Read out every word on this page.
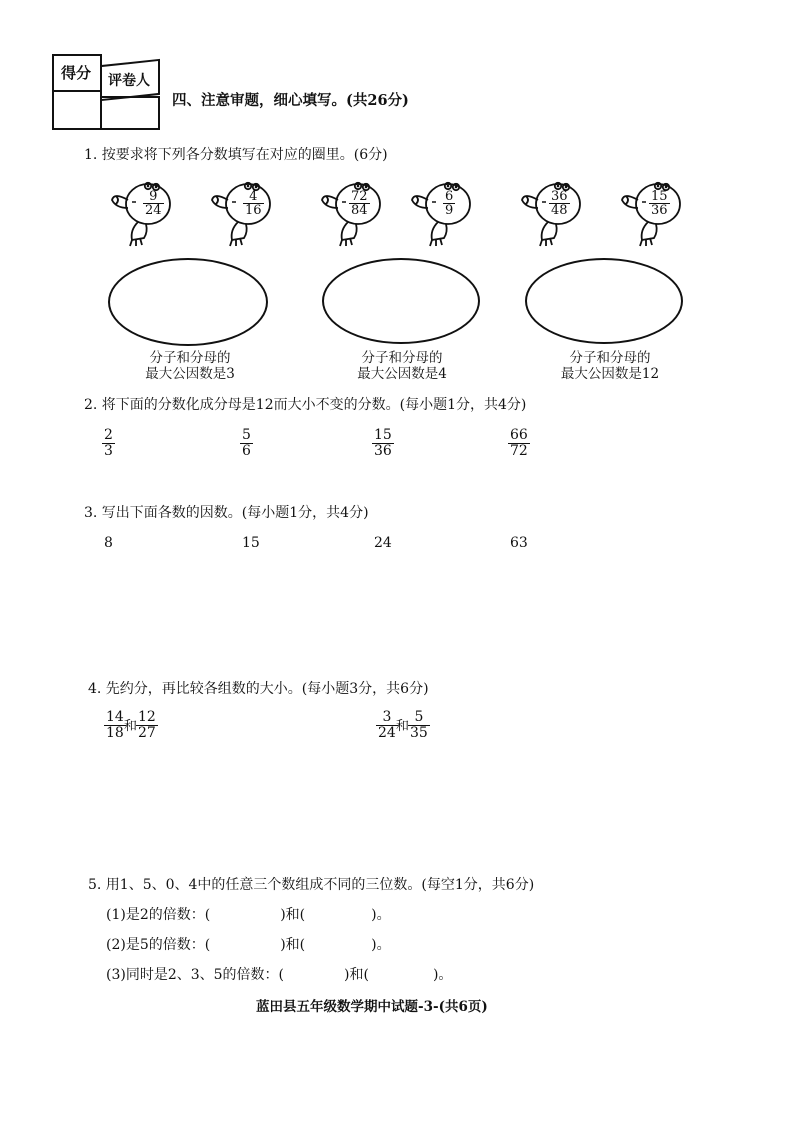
得分 评卷人
四、注意审题，细心填写。(共26分)
1. 按要求将下列各分数填写在对应的圈里。(6分)
$\frac{9}{24}$	$\frac{4}{16}$	$\frac{72}{84}$	$\frac{6}{9}$	$\frac{36}{48}$	$\frac{15}{36}$
分子和分母的
最大公因数是3
分子和分母的
最大公因数是4
分子和分母的
最大公因数是12
2. 将下面的分数化成分母是12而大小不变的分数。(每小题1分，共4分)
$\frac{2}{3}$	$\frac{5}{6}$	$\frac{15}{36}$	$\frac{66}{72}$
3. 写出下面各数的因数。(每小题1分，共4分)
8	15	24	63
4. 先约分，再比较各组数的大小。(每小题3分，共6分)
$\frac{14}{18}$
和
$\frac{12}{27}$	$\frac{3}{24}$
和
$\frac{5}{35}$
5. 用1、5、0、4中的任意三个数组成不同的三位数。(每空1分，共6分)
(1)是2的倍数：(	)和(	)。
(2)是5的倍数：(	)和(	)。
(3)同时是2、3、5的倍数：(	)和(	)。
蓝田县五年级数学期中试题-3-(共6页)
